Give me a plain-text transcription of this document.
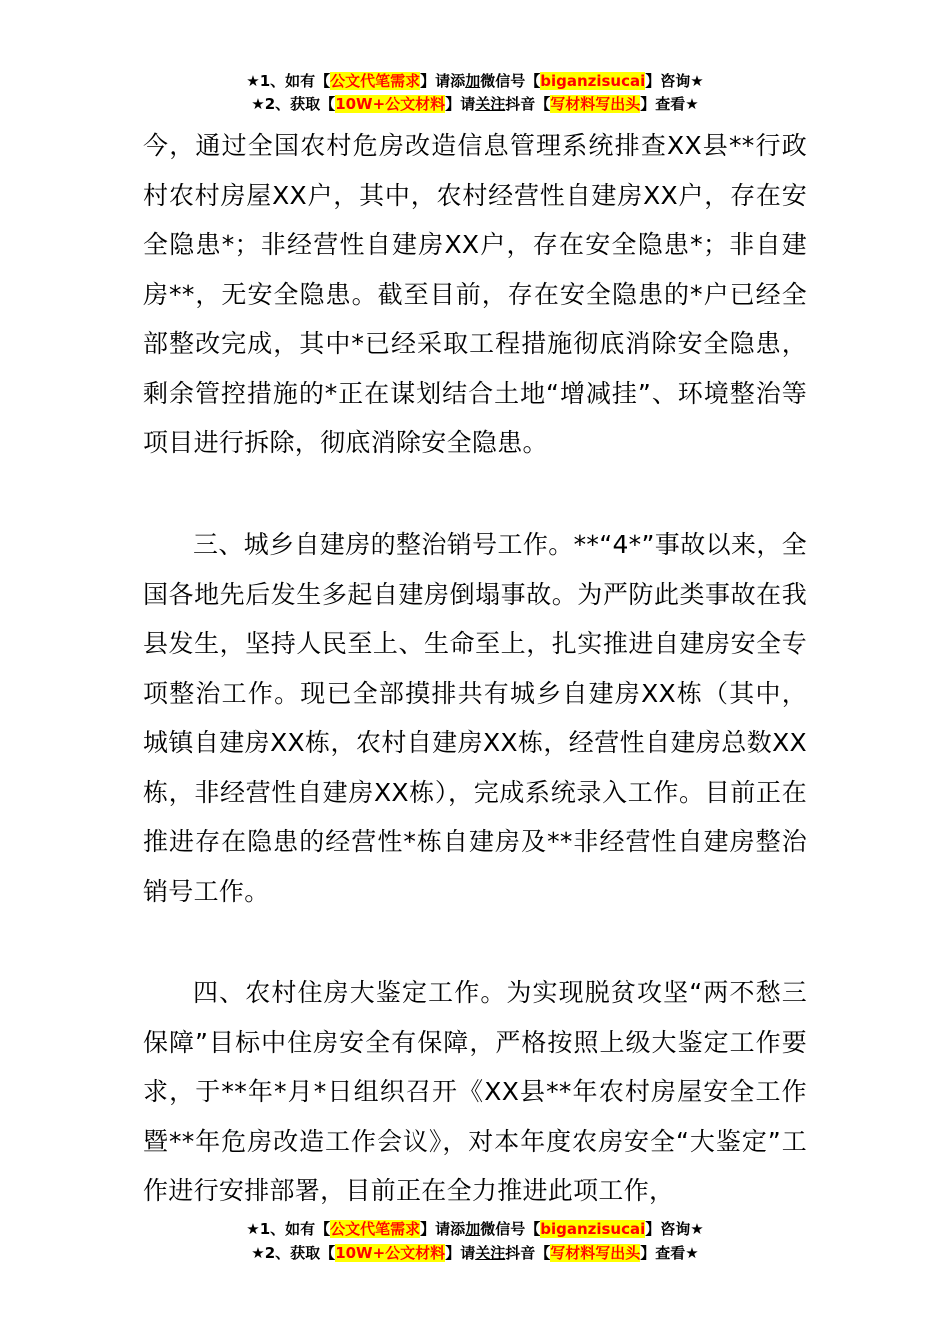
★1、如有【公文代笔需求】请添加微信号【biganzisucai】咨询★
★2、获取【10W+公文材料】请关注抖音【写材料写出头】查看★

今，通过全国农村危房改造信息管理系统排查XX县**行政村农村房屋XX户，其中，农村经营性自建房XX户，存在安全隐患*；非经营性自建房XX户，存在安全隐患*；非自建房**，无安全隐患。截至目前，存在安全隐患的*户已经全部整改完成，其中*已经采取工程措施彻底消除安全隐患，剩余管控措施的*正在谋划结合土地“增减挂”、环境整治等项目进行拆除，彻底消除安全隐患。

三、城乡自建房的整治销号工作。**“4*”事故以来，全国各地先后发生多起自建房倒塌事故。为严防此类事故在我县发生，坚持人民至上、生命至上，扎实推进自建房安全专项整治工作。现已全部摸排共有城乡自建房XX栋（其中，城镇自建房XX栋，农村自建房XX栋，经营性自建房总数XX栋，非经营性自建房XX栋），完成系统录入工作。目前正在推进存在隐患的经营性*栋自建房及**非经营性自建房整治销号工作。

四、农村住房大鉴定工作。为实现脱贫攻坚“两不愁三保障”目标中住房安全有保障，严格按照上级大鉴定工作要求，于**年*月*日组织召开《XX县**年农村房屋安全工作暨**年危房改造工作会议》，对本年度农房安全“大鉴定”工作进行安排部署，目前正在全力推进此项工作，

★1、如有【公文代笔需求】请添加微信号【biganzisucai】咨询★
★2、获取【10W+公文材料】请关注抖音【写材料写出头】查看★
